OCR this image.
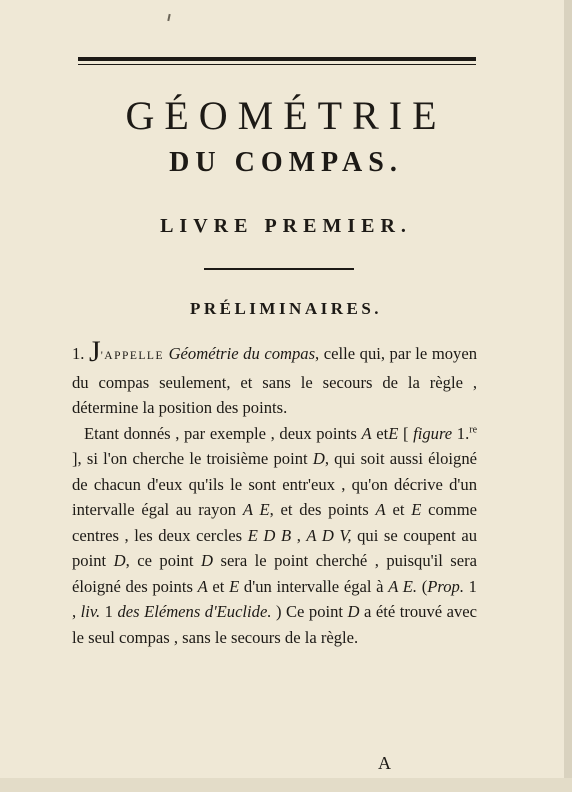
GÉOMÉTRIE
DU COMPAS.
LIVRE PREMIER.
PRÉLIMINAIRES.

1. J'APPELLE Géométrie du compas, celle qui, par le moyen du compas seulement, et sans le secours de la règle , détermine la position des points.

Etant donnés , par exemple , deux points A etE [ figure 1.$^{re}$ ], si l'on cherche le troisième point D, qui soit aussi éloigné de chacun d'eux qu'ils le sont entr'eux , qu'on décrive d'un intervalle égal au rayon A E, et des points A et E comme centres , les deux cercles E D B , A D V, qui se coupent au point D, ce point D sera le point cherché , puisqu'il sera éloigné des points A et E d'un intervalle égal à A E. (Prop. 1 , liv. 1 des Elémens d'Euclide. ) Ce point D a été trouvé avec le seul compas , sans le secours de la règle.

A
